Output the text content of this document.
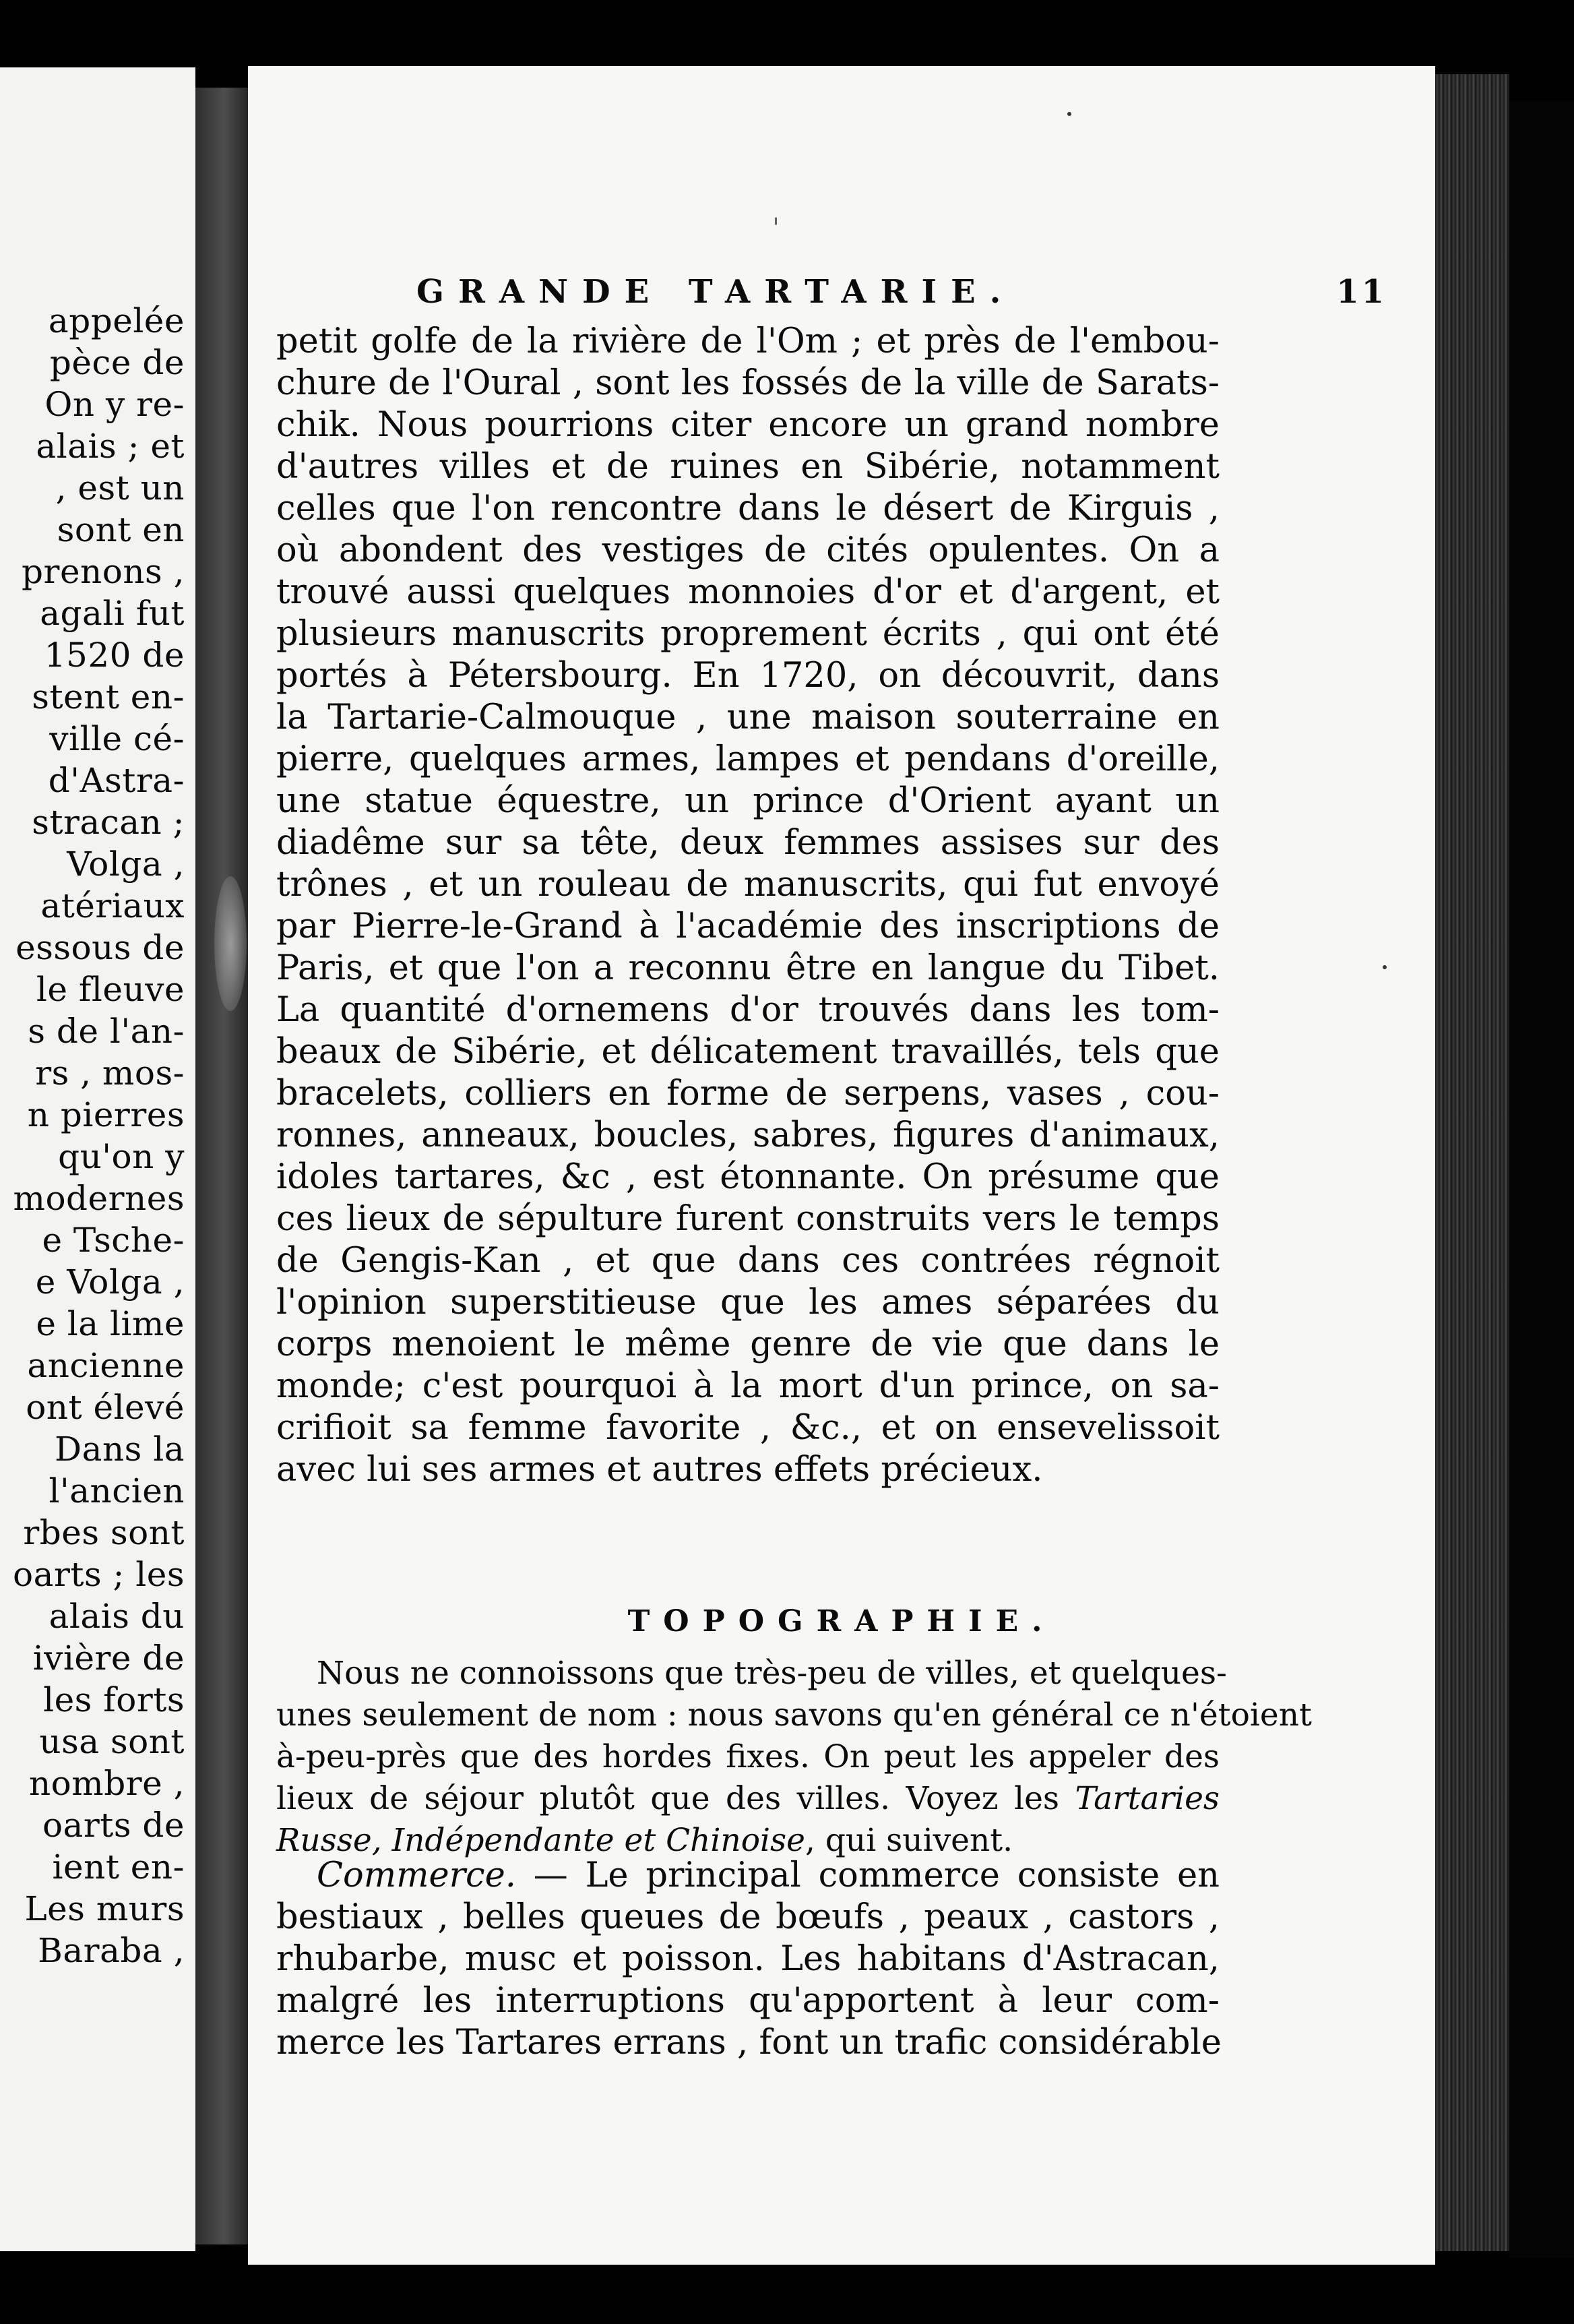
appelée
pèce de
On y re-
alais ; et
, est un
sont en
prenons ,
agali fut
1520 de
stent en-
ville cé-
d'Astra-
stracan ;
Volga ,
atériaux
essous de
le fleuve
s de l'an-
rs , mos-
n pierres
qu'on y
modernes
e Tsche-
e Volga ,
e la lime
ancienne
ont élevé
Dans la
l'ancien
rbes sont
oarts ; les
alais du
ivière de
les forts
usa sont
nombre ,
oarts de
ient en-
Les murs
Baraba ,
GRANDE TARTARIE.	11
petit golfe de la rivière de l'Om ; et près de l'embou-
chure de l'Oural , sont les fossés de la ville de Sarats-
chik. Nous pourrions citer encore un grand nombre
d'autres villes et de ruines en Sibérie, notamment
celles que l'on rencontre dans le désert de Kirguis ,
où abondent des vestiges de cités opulentes. On a
trouvé aussi quelques monnoies d'or et d'argent, et
plusieurs manuscrits proprement écrits , qui ont été
portés à Pétersbourg. En 1720, on découvrit, dans
la Tartarie-Calmouque , une maison souterraine en
pierre, quelques armes, lampes et pendans d'oreille,
une statue équestre, un prince d'Orient ayant un
diadême sur sa tête, deux femmes assises sur des
trônes , et un rouleau de manuscrits, qui fut envoyé
par Pierre-le-Grand à l'académie des inscriptions de
Paris, et que l'on a reconnu être en langue du Tibet.
La quantité d'ornemens d'or trouvés dans les tom-
beaux de Sibérie, et délicatement travaillés, tels que
bracelets, colliers en forme de serpens, vases , cou-
ronnes, anneaux, boucles, sabres, figures d'animaux,
idoles tartares, &c , est étonnante. On présume que
ces lieux de sépulture furent construits vers le temps
de Gengis-Kan , et que dans ces contrées régnoit
l'opinion superstitieuse que les ames séparées du
corps menoient le même genre de vie que dans le
monde; c'est pourquoi à la mort d'un prince, on sa-
crifioit sa femme favorite , &c., et on ensevelissoit
avec lui ses armes et autres effets précieux.
TOPOGRAPHIE.
Nous ne connoissons que très-peu de villes, et quelques-
unes seulement de nom : nous savons qu'en général ce n'étoient
à-peu-près que des hordes fixes. On peut les appeler des
lieux de séjour plutôt que des villes. Voyez les Tartaries
Russe, Indépendante et Chinoise, qui suivent.
Commerce. — Le principal commerce consiste en
bestiaux , belles queues de bœufs , peaux , castors ,
rhubarbe, musc et poisson. Les habitans d'Astracan,
malgré les interruptions qu'apportent à leur com-
merce les Tartares errans , font un trafic considérable
'
